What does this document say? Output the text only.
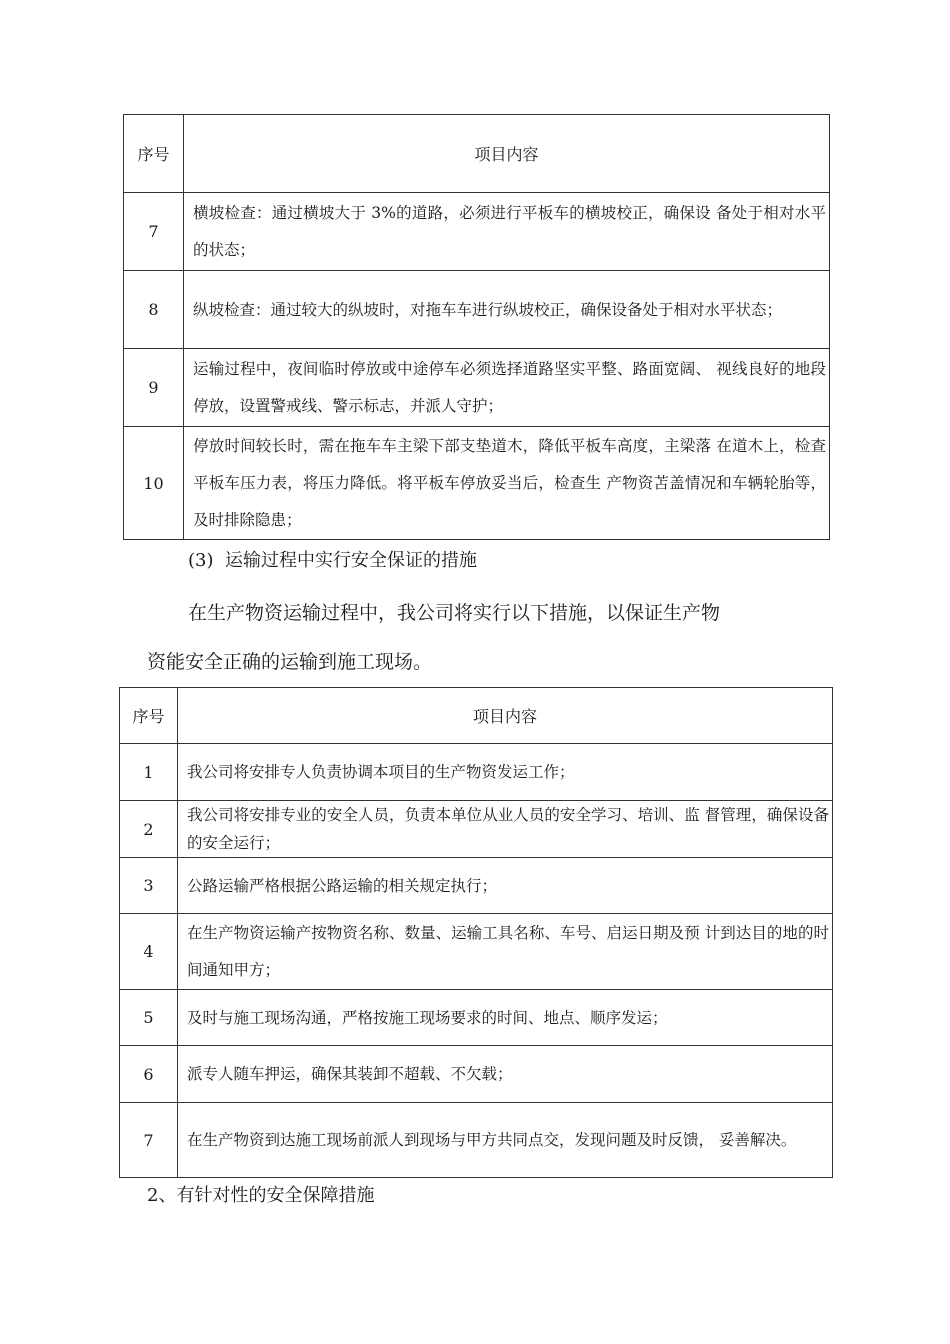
序号	项目内容
7	横坡检查：通过横坡大于 3%的道路，必须进行平板车的横坡校正，确保设 备处于相对水平的状态；
8	纵坡检查：通过较大的纵坡时，对拖车车进行纵坡校正，确保设备处于相对水平状态；
9	运输过程中，夜间临时停放或中途停车必须选择道路坚实平整、路面宽阔、 视线良好的地段停放，设置警戒线、警示标志，并派人守护；
10	停放时间较长时，需在拖车车主梁下部支垫道木，降低平板车高度，主梁落 在道木上，检查平板车压力表，将压力降低。将平板车停放妥当后，检查生 产物资苫盖情况和车辆轮胎等，及时排除隐患；
(3)  运输过程中实行安全保证的措施
在生产物资运输过程中，我公司将实行以下措施，以保证生产物
资能安全正确的运输到施工现场。
序号	项目内容
1	我公司将安排专人负责协调本项目的生产物资发运工作；
2	我公司将安排专业的安全人员，负责本单位从业人员的安全学习、培训、监 督管理，确保设备的安全运行；
3	公路运输严格根据公路运输的相关规定执行；
4	在生产物资运输产按物资名称、数量、运输工具名称、车号、启运日期及预 计到达目的地的时间通知甲方；
5	及时与施工现场沟通，严格按施工现场要求的时间、地点、顺序发运；
6	派专人随车押运，确保其装卸不超载、不欠载；
7	在生产物资到达施工现场前派人到现场与甲方共同点交，发现问题及时反馈， 妥善解决。
2、有针对性的安全保障措施
